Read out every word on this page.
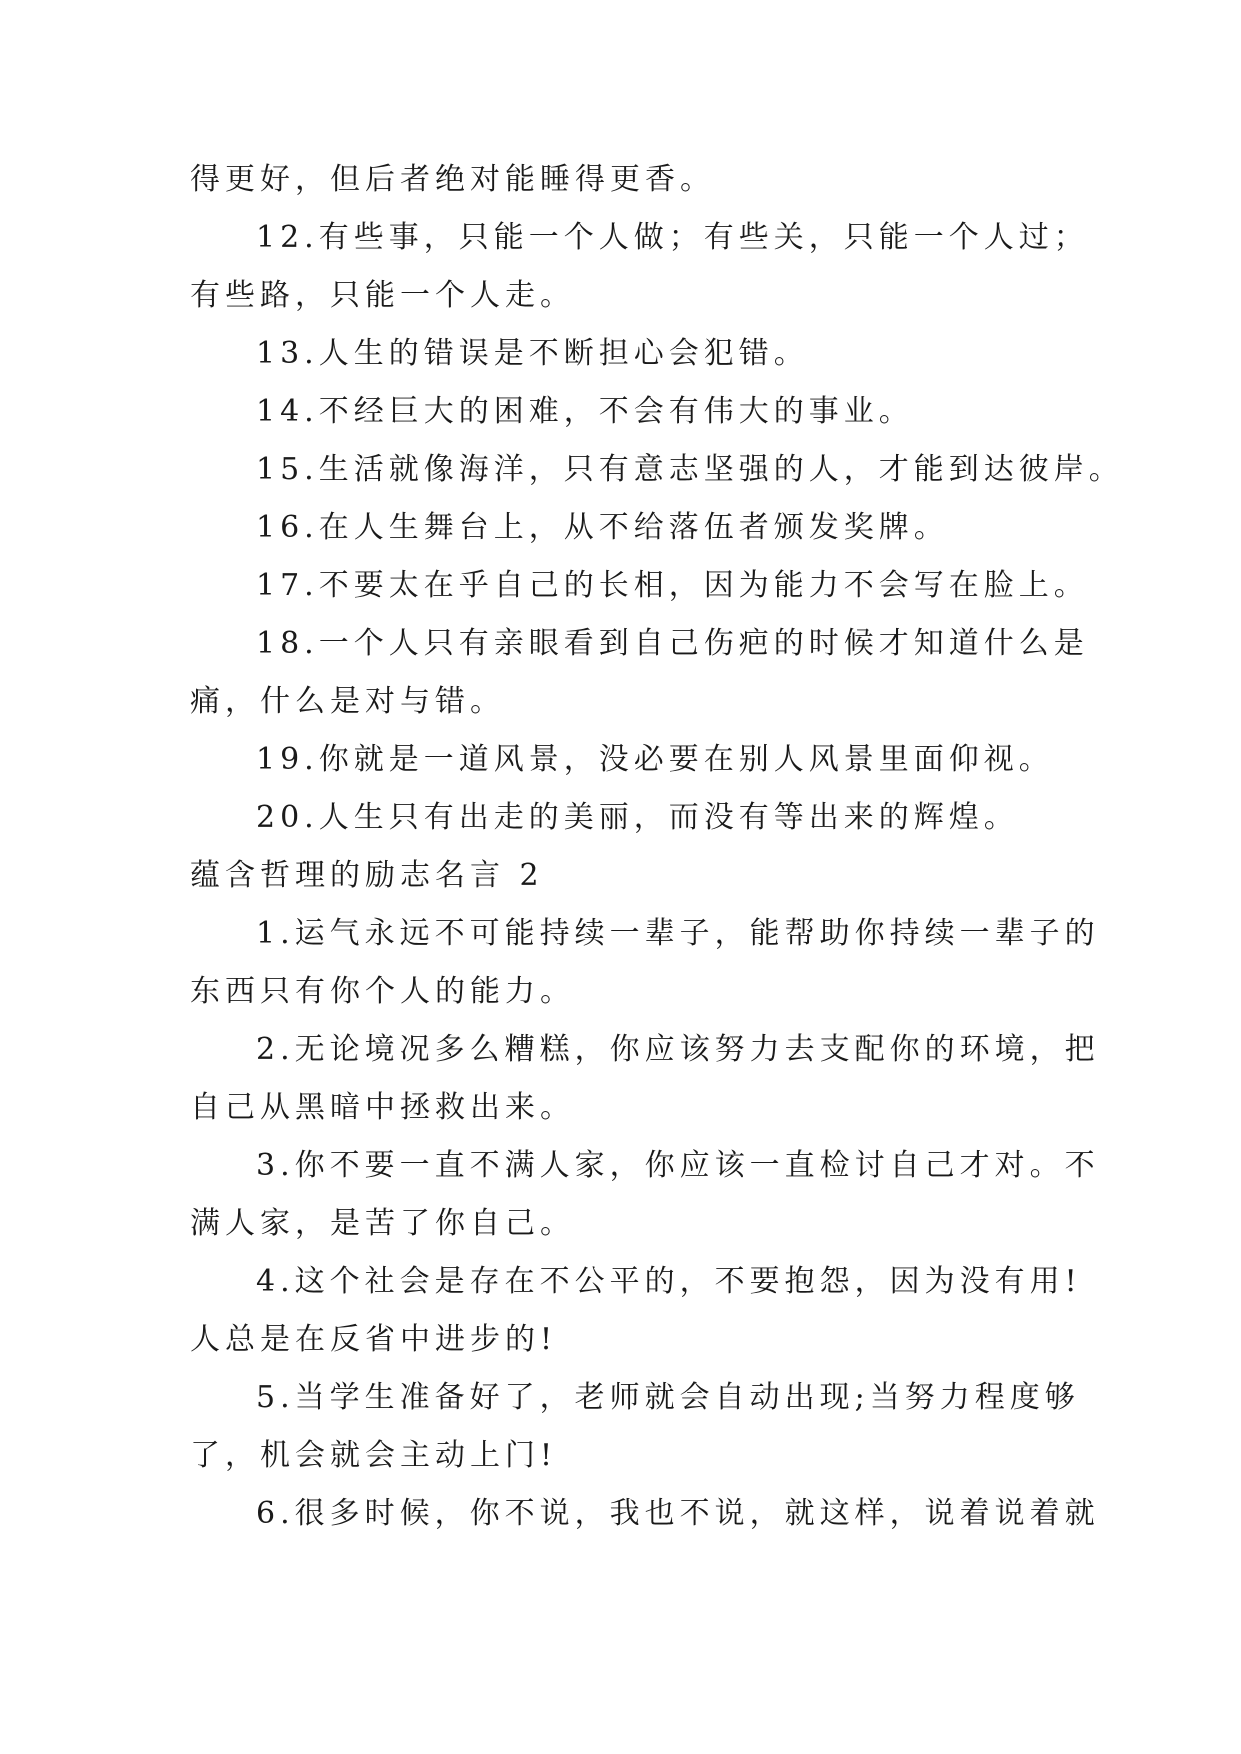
得更好，但后者绝对能睡得更香。
12.有些事，只能一个人做；有些关，只能一个人过；
有些路，只能一个人走。
13.人生的错误是不断担心会犯错。
14.不经巨大的困难，不会有伟大的事业。
15.生活就像海洋，只有意志坚强的人，才能到达彼岸。
16.在人生舞台上，从不给落伍者颁发奖牌。
17.不要太在乎自己的长相，因为能力不会写在脸上。
18.一个人只有亲眼看到自己伤疤的时候才知道什么是
痛，什么是对与错。
19.你就是一道风景，没必要在别人风景里面仰视。
20.人生只有出走的美丽，而没有等出来的辉煌。
蕴含哲理的励志名言 2
1.运气永远不可能持续一辈子，能帮助你持续一辈子的
东西只有你个人的能力。
2.无论境况多么糟糕，你应该努力去支配你的环境，把
自己从黑暗中拯救出来。
3.你不要一直不满人家，你应该一直检讨自己才对。不
满人家，是苦了你自己。
4.这个社会是存在不公平的，不要抱怨，因为没有用!
人总是在反省中进步的!
5.当学生准备好了，老师就会自动出现;当努力程度够
了，机会就会主动上门!
6.很多时候，你不说，我也不说，就这样，说着说着就
